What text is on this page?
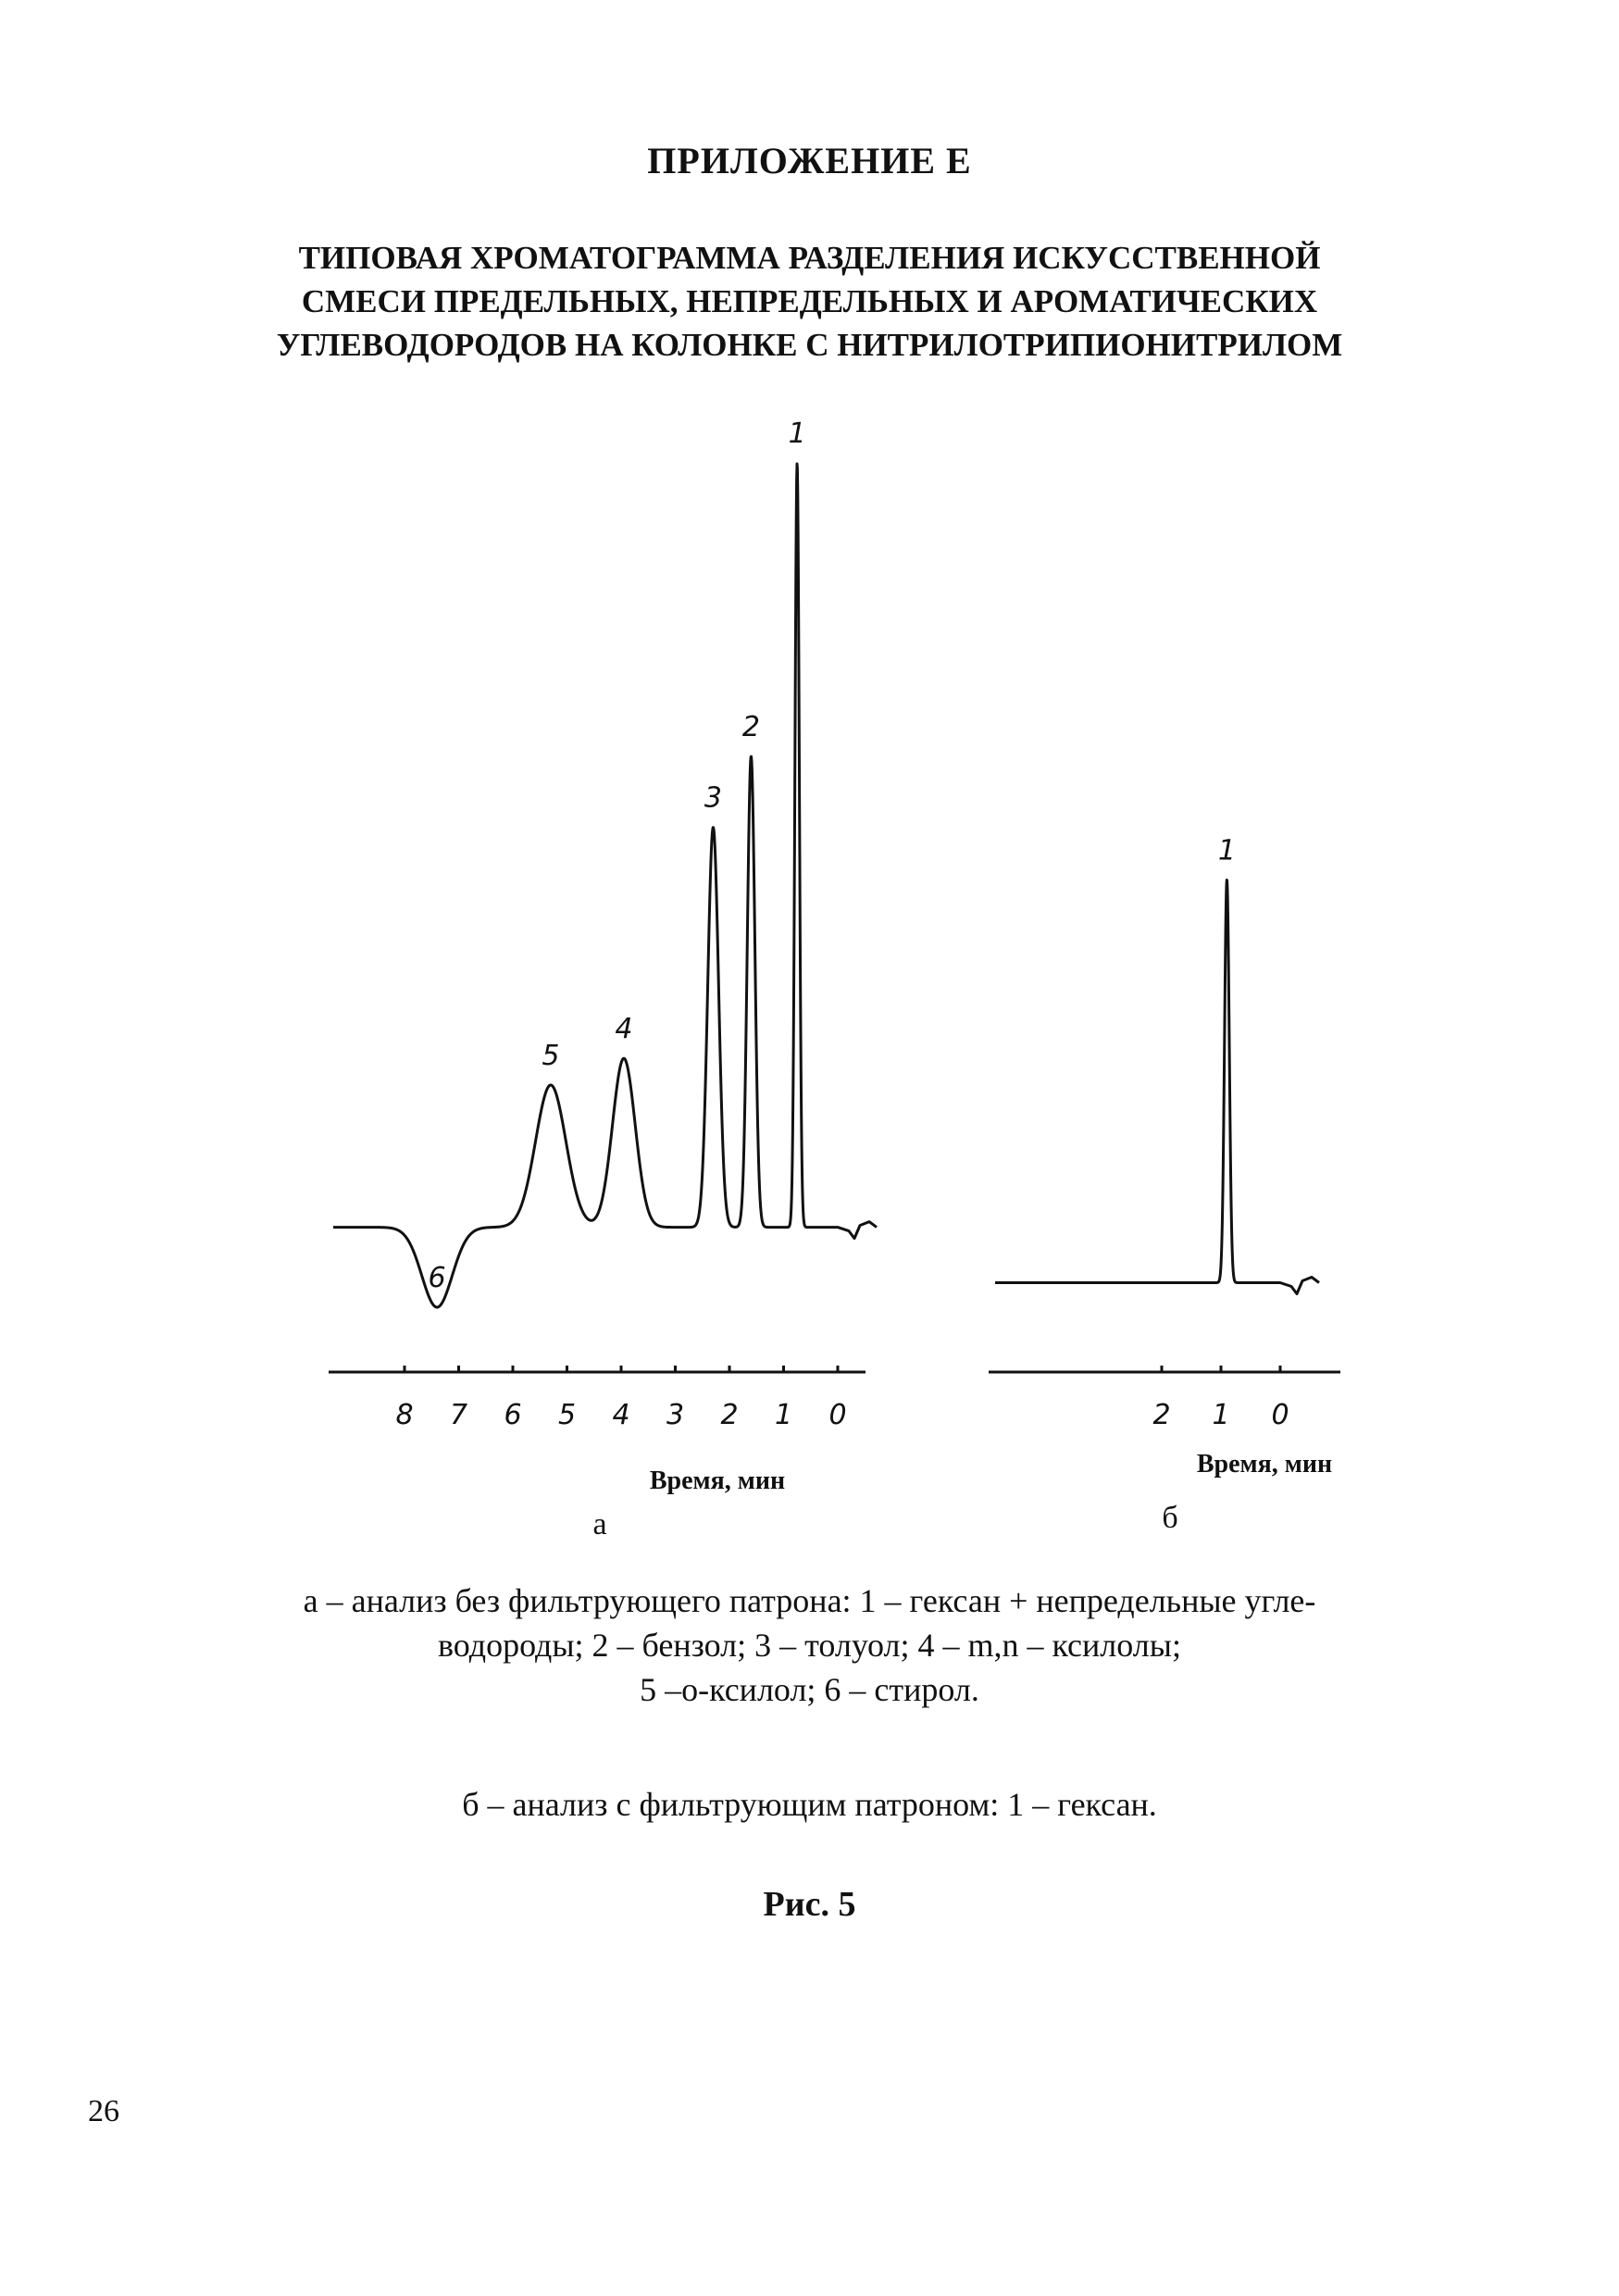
ПРИЛОЖЕНИЕ Е
ТИПОВАЯ ХРОМАТОГРАММА РАЗДЕЛЕНИЯ ИСКУССТВЕННОЙ
СМЕСИ ПРЕДЕЛЬНЫХ, НЕПРЕДЕЛЬНЫХ И АРОМАТИЧЕСКИХ
УГЛЕВОДОРОДОВ НА КОЛОНКЕ С НИТРИЛОТРИПИОНИТРИЛОМ
1
2
3
4
5
6
8 7 6 5 4 3 2 1 0
Время, мин
а
1
2 1 0
Время, мин
б
а – анализ без фильтрующего патрона: 1 – гексан + непредельные угле-
водороды; 2 – бензол; 3 – толуол; 4 – m,n – ксилолы;
5 –о-ксилол; 6 – стирол.
б – анализ с фильтрующим патроном: 1 – гексан.
Рис. 5
26
